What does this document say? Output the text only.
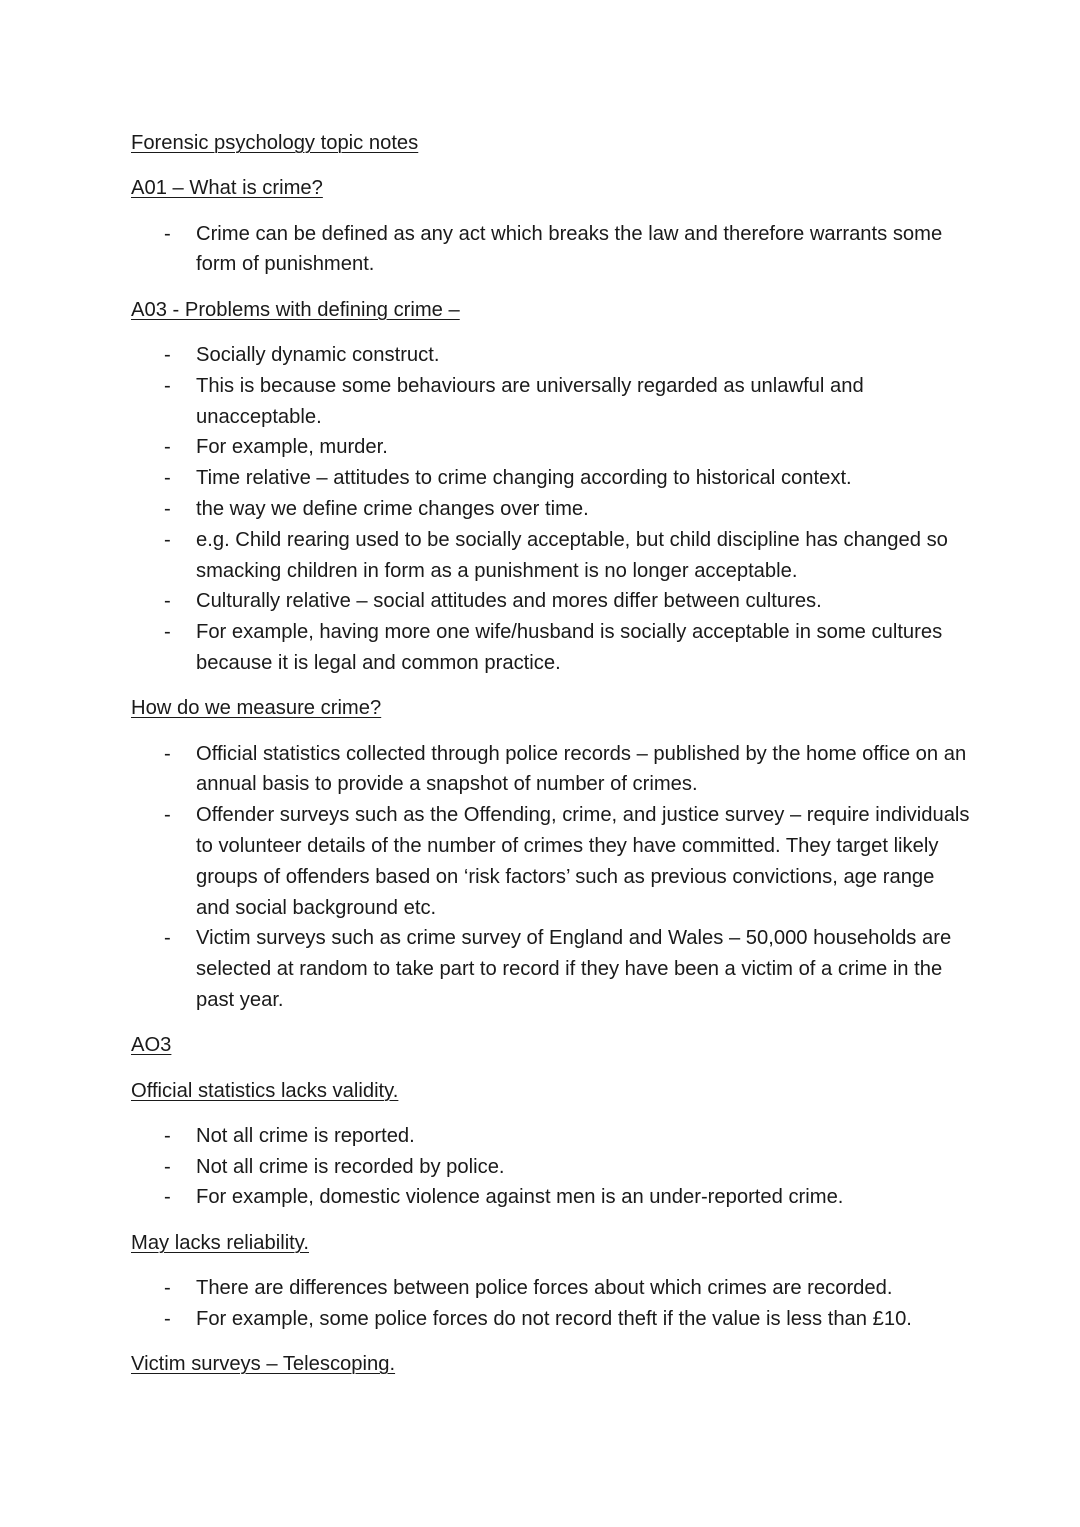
Forensic psychology topic notes
A01 – What is crime?
- Crime can be defined as any act which breaks the law and therefore warrants some form of punishment.
A03 - Problems with defining crime –
- Socially dynamic construct.
- This is because some behaviours are universally regarded as unlawful and unacceptable.
- For example, murder.
- Time relative – attitudes to crime changing according to historical context.
- the way we define crime changes over time.
- e.g. Child rearing used to be socially acceptable, but child discipline has changed so smacking children in form as a punishment is no longer acceptable.
- Culturally relative – social attitudes and mores differ between cultures.
- For example, having more one wife/husband is socially acceptable in some cultures because it is legal and common practice.
How do we measure crime?
- Official statistics collected through police records – published by the home office on an annual basis to provide a snapshot of number of crimes.
- Offender surveys such as the Offending, crime, and justice survey – require individuals to volunteer details of the number of crimes they have committed. They target likely groups of offenders based on ‘risk factors’ such as previous convictions, age range and social background etc.
- Victim surveys such as crime survey of England and Wales – 50,000 households are selected at random to take part to record if they have been a victim of a crime in the past year.
AO3
Official statistics lacks validity.
- Not all crime is reported.
- Not all crime is recorded by police.
- For example, domestic violence against men is an under-reported crime.
May lacks reliability.
- There are differences between police forces about which crimes are recorded.
- For example, some police forces do not record theft if the value is less than £10.
Victim surveys – Telescoping.
